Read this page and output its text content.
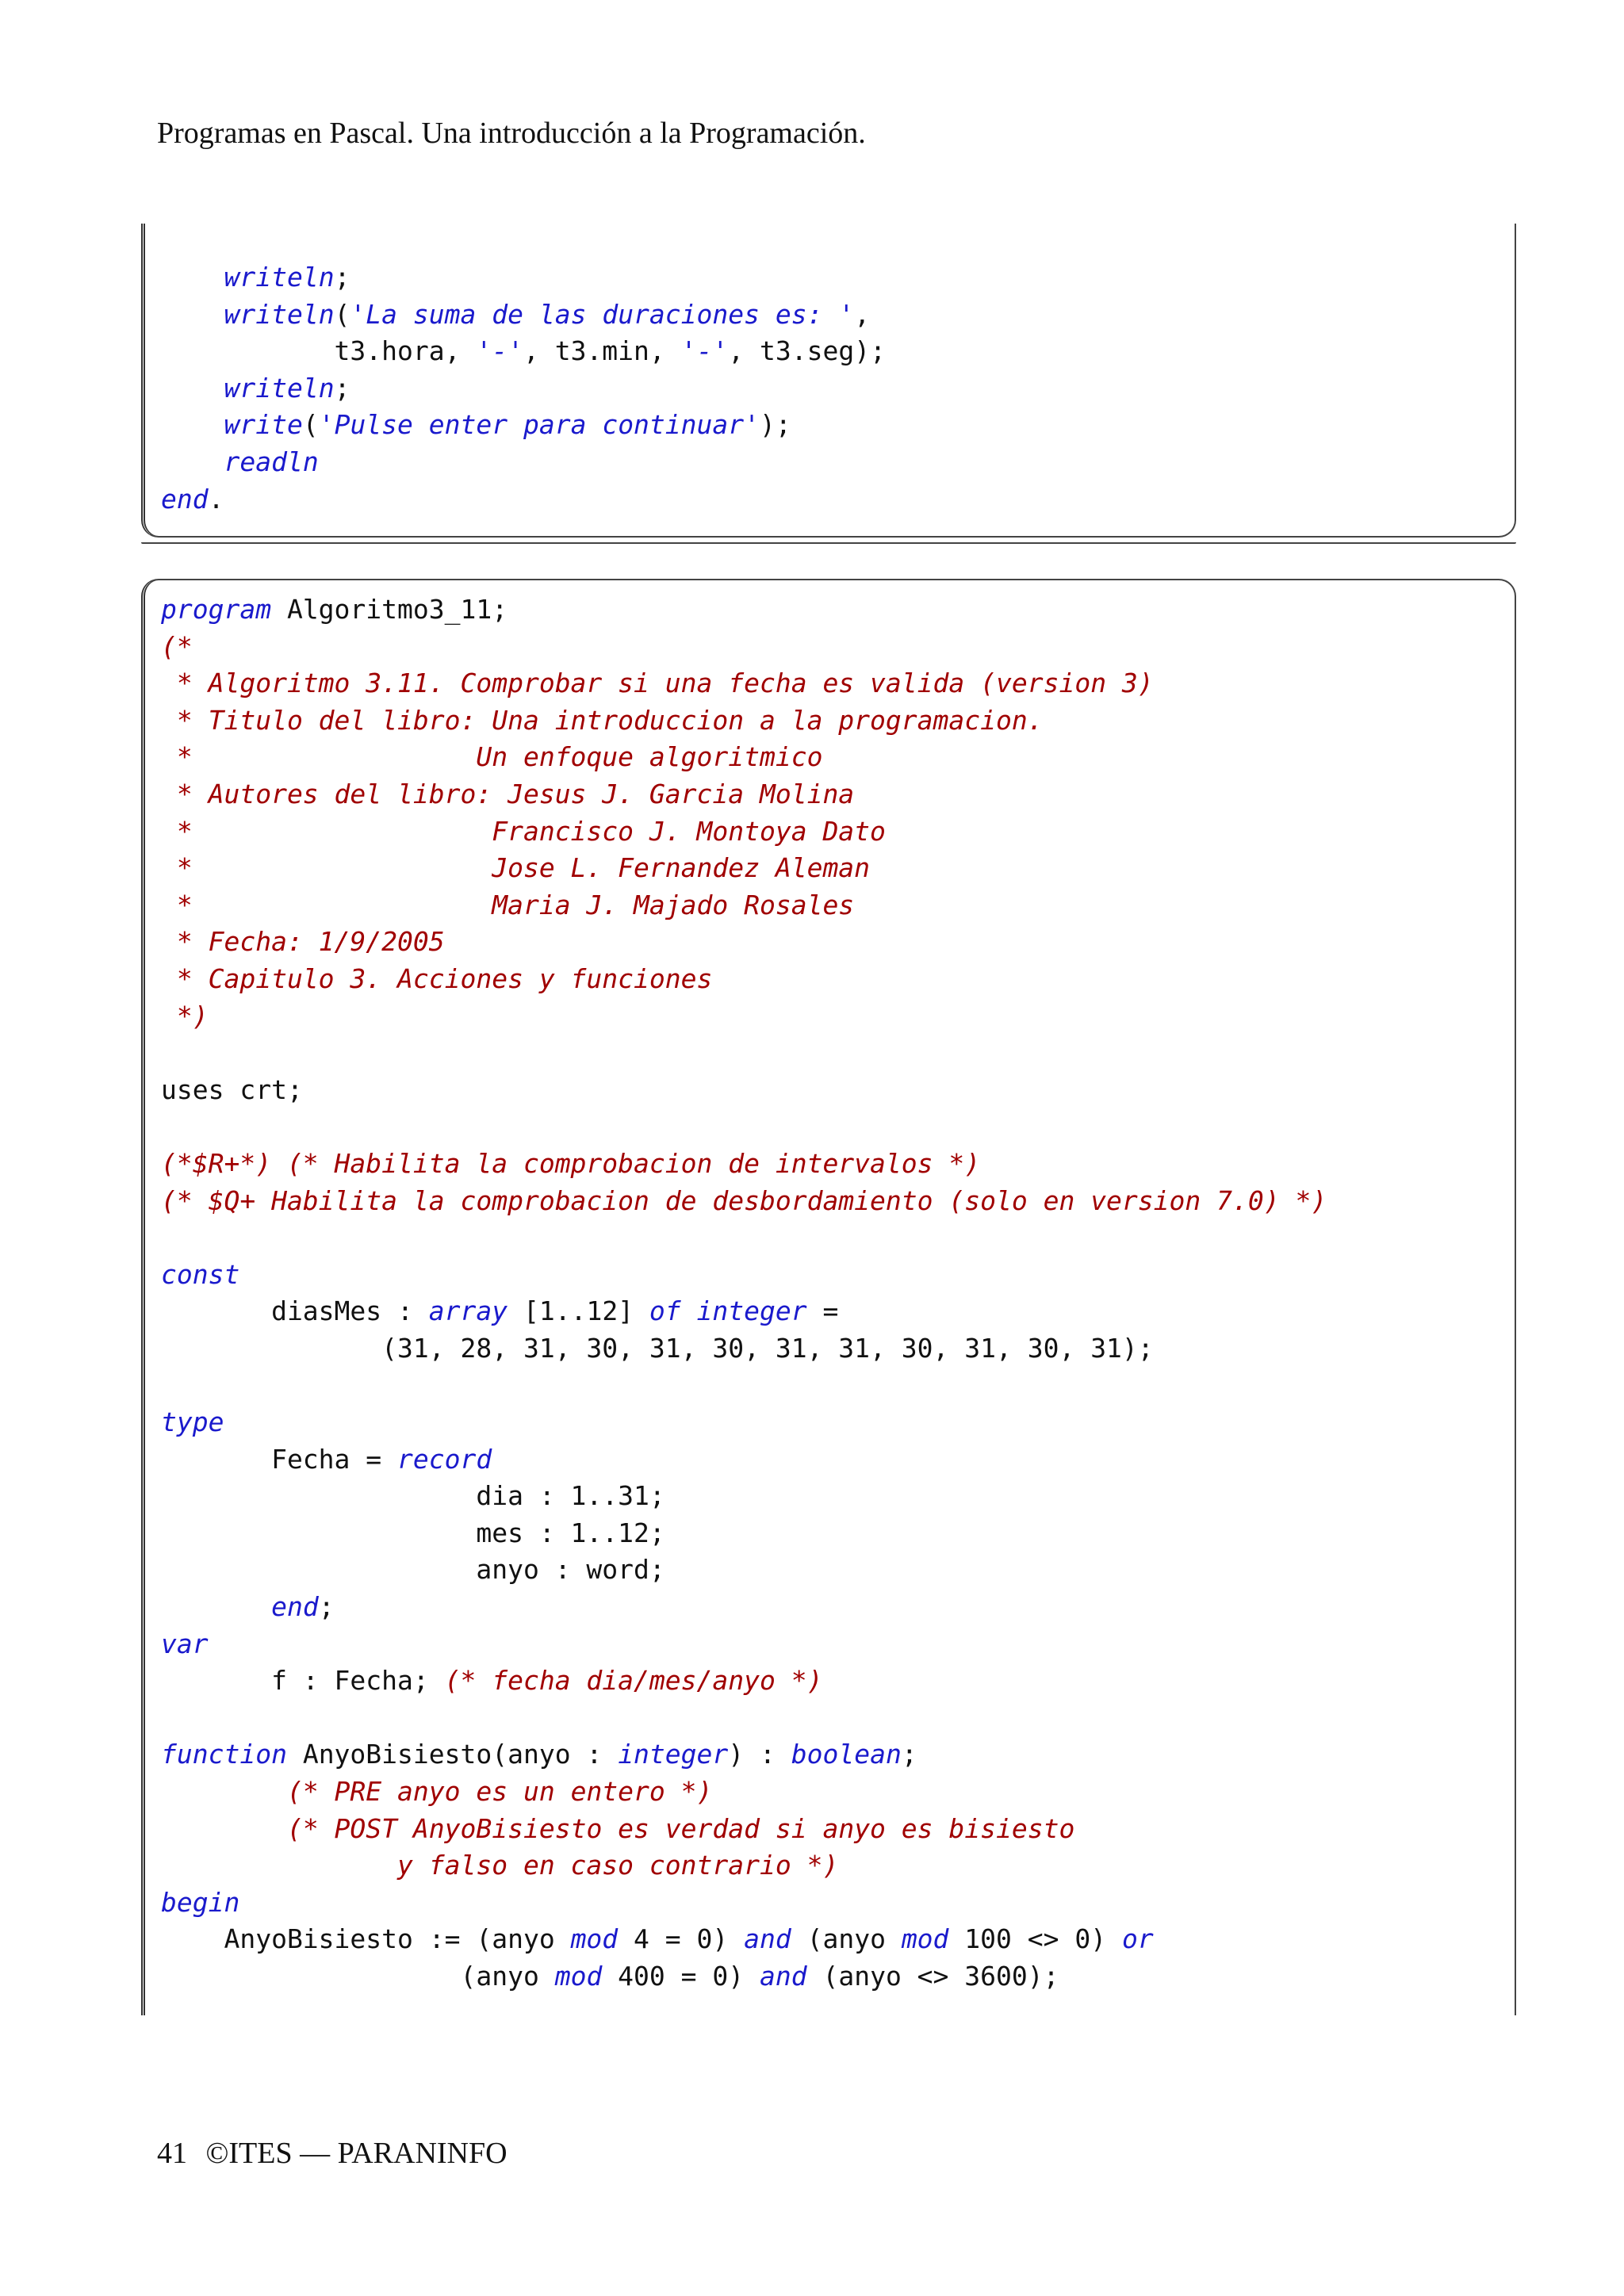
Programas en Pascal. Una introducción a la Programación.
writeln;
writeln('La suma de las duraciones es: ',
t3.hora, '-', t3.min, '-', t3.seg);
writeln;
write('Pulse enter para continuar');
readln
end.

program Algoritmo3_11;
(*
* Algoritmo 3.11. Comprobar si una fecha es valida (version 3)
* Titulo del libro: Una introduccion a la programacion.
*                  Un enfoque algoritmico
* Autores del libro: Jesus J. Garcia Molina
*                   Francisco J. Montoya Dato
*                   Jose L. Fernandez Aleman
*                   Maria J. Majado Rosales
* Fecha: 1/9/2005
* Capitulo 3. Acciones y funciones
*)

uses crt;

(*$R+*) (* Habilita la comprobacion de intervalos *)
(* $Q+ Habilita la comprobacion de desbordamiento (solo en version 7.0) *)

const
diasMes : array [1..12] of integer =
(31, 28, 31, 30, 31, 30, 31, 31, 30, 31, 30, 31);

type
Fecha = record
dia : 1..31;
mes : 1..12;
anyo : word;
end;
var
f : Fecha; (* fecha dia/mes/anyo *)

function AnyoBisiesto(anyo : integer) : boolean;
(* PRE anyo es un entero *)
(* POST AnyoBisiesto es verdad si anyo es bisiesto
y falso en caso contrario *)
begin
AnyoBisiesto := (anyo mod 4 = 0) and (anyo mod 100 <> 0) or
(anyo mod 400 = 0) and (anyo <> 3600);

41 ©ITES — PARANINFO
